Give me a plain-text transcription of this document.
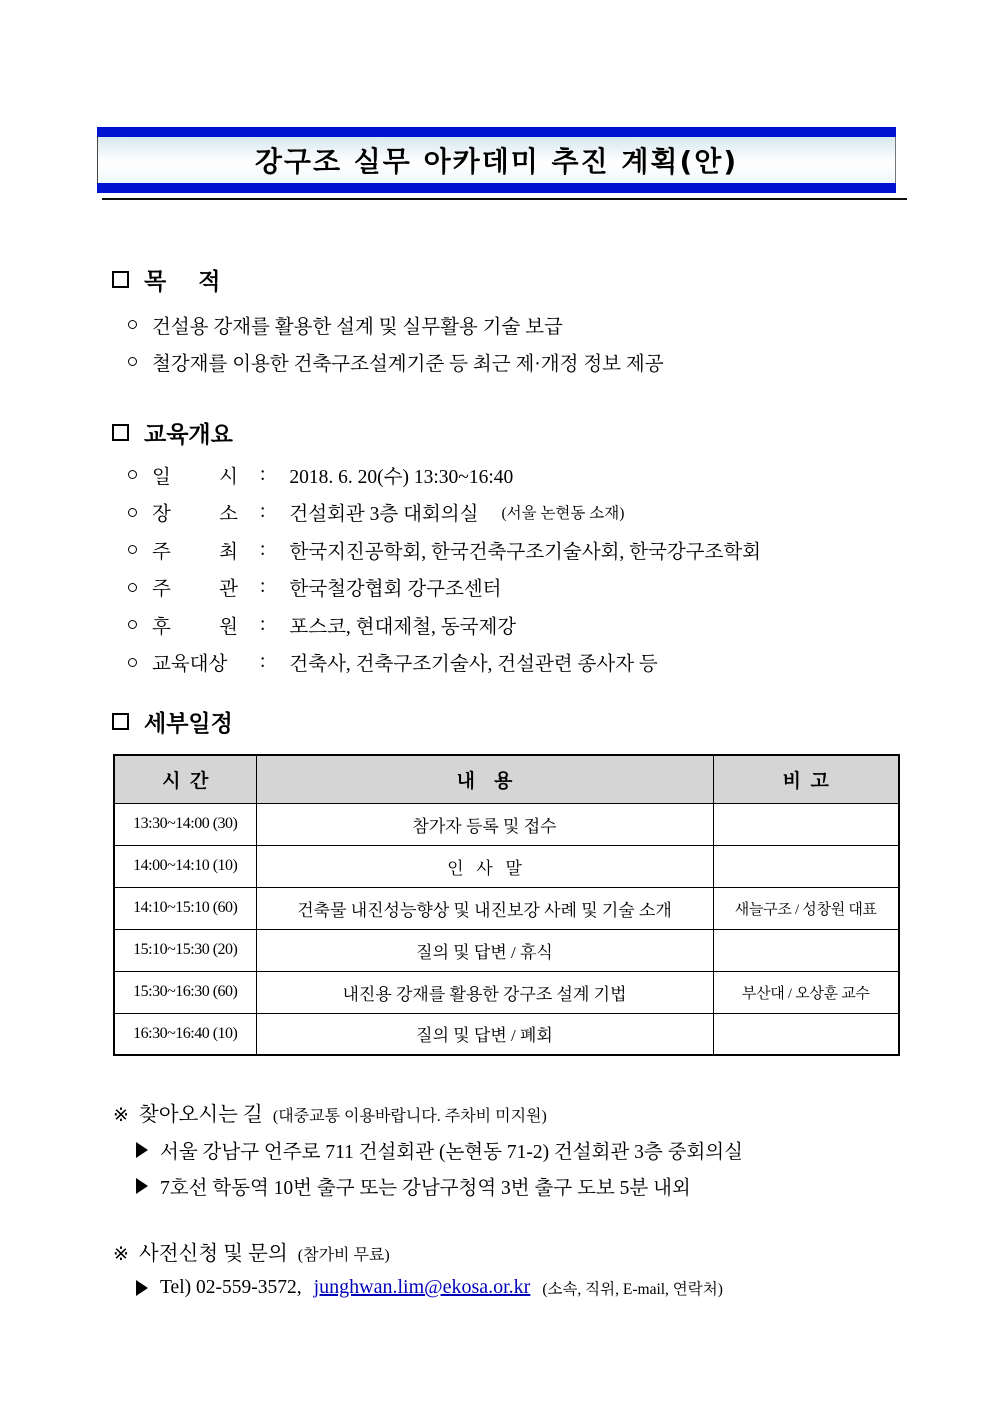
강구조 실무 아카데미 추진 계획(안)
목    적
건설용 강재를 활용한 설계 및 실무활용 기술 보급
철강재를 이용한 건축구조설계기준 등 최근 제·개정 정보 제공
교육개요
일 시 : 2018. 6. 20(수) 13:30~16:40
장 소 : 건설회관 3층 대회의실 (서울 논현동 소재)
주 최 : 한국지진공학회, 한국건축구조기술사회, 한국강구조학회
주 관 : 한국철강협회 강구조센터
후 원 : 포스코, 현대제철, 동국제강
교육대상	: 건축사, 건축구조기술사, 건설관련 종사자 등
세부일정
시  간	내    용	비  고
13:30~14:00 (30)	참가자 등록 및 접수	
14:00~14:10 (10)	인   사   말	
14:10~15:10 (60)	건축물 내진성능향상 및 내진보강 사례 및 기술 소개	새늘구조 / 성창원 대표
15:10~15:30 (20)	질의 및 답변 / 휴식	
15:30~16:30 (60)	내진용 강재를 활용한 강구조 설계 기법	부산대 / 오상훈 교수
16:30~16:40 (10)	질의 및 답변 / 폐회	
※ 찾아오시는 길 (대중교통 이용바랍니다. 주차비 미지원)
서울 강남구 언주로 711 건설회관 (논현동 71-2) 건설회관 3층 중회의실
7호선 학동역 10번 출구 또는 강남구청역 3번 출구 도보 5분 내외
※ 사전신청 및 문의 (참가비 무료)
Tel) 02-559-3572, junghwan.lim@ekosa.or.kr (소속, 직위, E-mail, 연락처)
